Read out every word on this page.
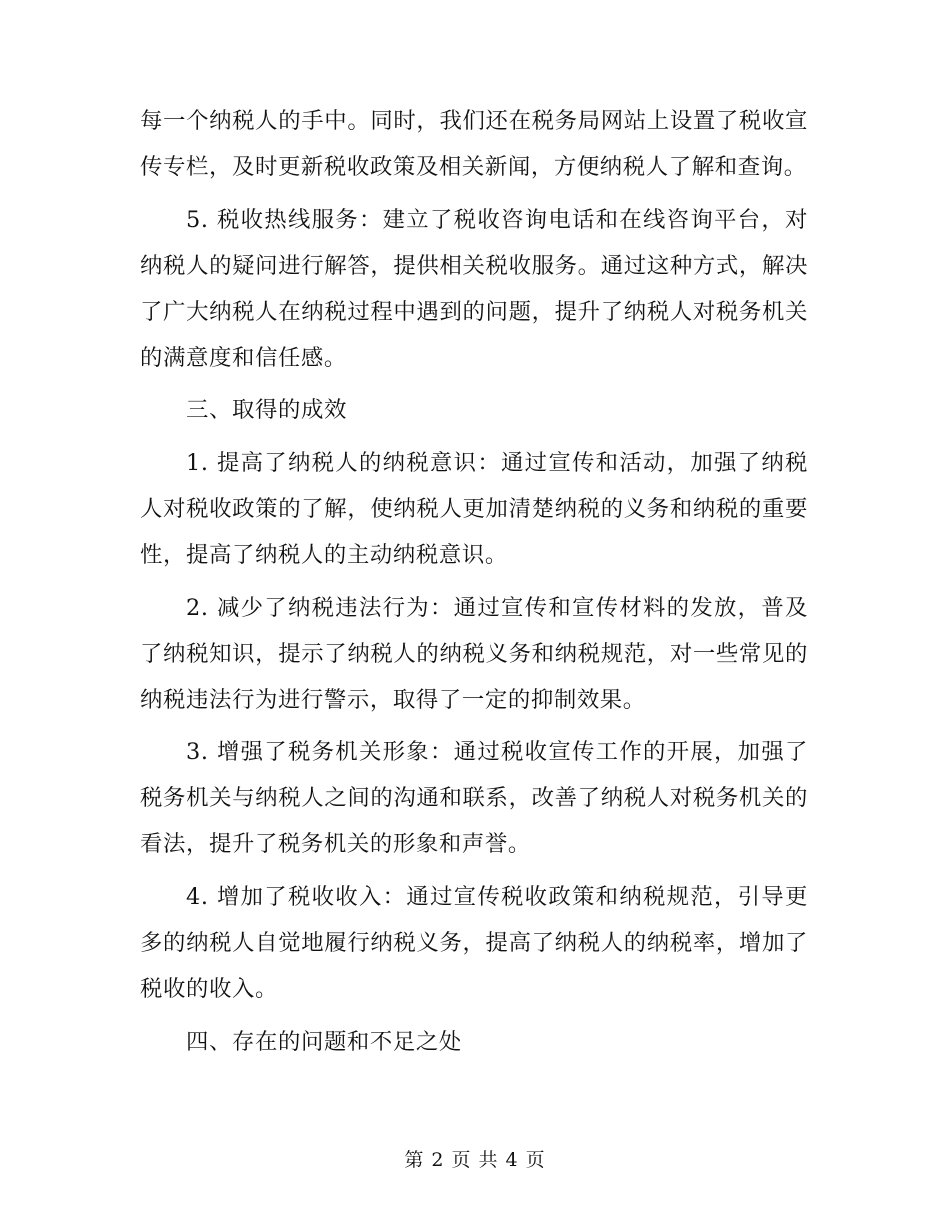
每一个纳税人的手中。同时，我们还在税务局网站上设置了税收宣传专栏，及时更新税收政策及相关新闻，方便纳税人了解和查询。

5. 税收热线服务：建立了税收咨询电话和在线咨询平台，对纳税人的疑问进行解答，提供相关税收服务。通过这种方式，解决了广大纳税人在纳税过程中遇到的问题，提升了纳税人对税务机关的满意度和信任感。

三、取得的成效

1. 提高了纳税人的纳税意识：通过宣传和活动，加强了纳税人对税收政策的了解，使纳税人更加清楚纳税的义务和纳税的重要性，提高了纳税人的主动纳税意识。

2. 减少了纳税违法行为：通过宣传和宣传材料的发放，普及了纳税知识，提示了纳税人的纳税义务和纳税规范，对一些常见的纳税违法行为进行警示，取得了一定的抑制效果。

3. 增强了税务机关形象：通过税收宣传工作的开展，加强了税务机关与纳税人之间的沟通和联系，改善了纳税人对税务机关的看法，提升了税务机关的形象和声誉。

4. 增加了税收收入：通过宣传税收政策和纳税规范，引导更多的纳税人自觉地履行纳税义务，提高了纳税人的纳税率，增加了税收的收入。

四、存在的问题和不足之处

第 2 页 共 4 页
